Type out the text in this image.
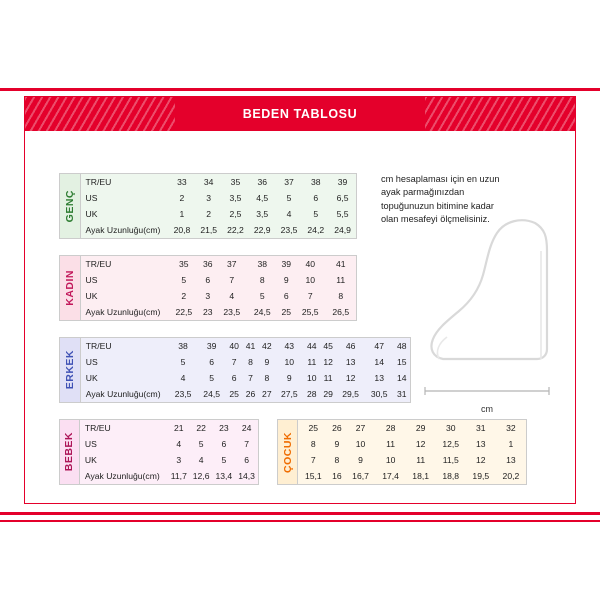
BEDEN TABLOSU
GENÇ
TR/EU	33	34	35	36	37	38	39
US	2	3	3,5	4,5	5	6	6,5
UK	1	2	2,5	3,5	4	5	5,5
Ayak Uzunluğu(cm)	20,8	21,5	22,2	22,9	23,5	24,2	24,9
KADIN
TR/EU	35	36	37	38	39	40	41
US	5	6	7	8	9	10	11
UK	2	3	4	5	6	7	8
Ayak Uzunluğu(cm)	22,5	23	23,5	24,5	25	25,5	26,5
ERKEK
TR/EU	38	39	40	41	42	43	44	45	46	47	48
US	5	6	7	8	9	10	11	12	13	14	15
UK	4	5	6	7	8	9	10	11	12	13	14
Ayak Uzunluğu(cm)	23,5	24,5	25	26	27	27,5	28	29	29,5	30,5	31
BEBEK
TR/EU	21	22	23	24
US	4	5	6	7
UK	3	4	5	6
Ayak Uzunluğu(cm)	11,7	12,6	13,4	14,3
ÇOCUK
25	26	27	28	29	30	31	32
8	9	10	11	12	12,5	13	1
7	8	9	10	11	11,5	12	13
15,1	16	16,7	17,4	18,1	18,8	19,5	20,2
cm hesaplaması için en uzun ayak parmağınızdan topuğunuzun bitimine kadar olan mesafeyi ölçmelisiniz.
cm
